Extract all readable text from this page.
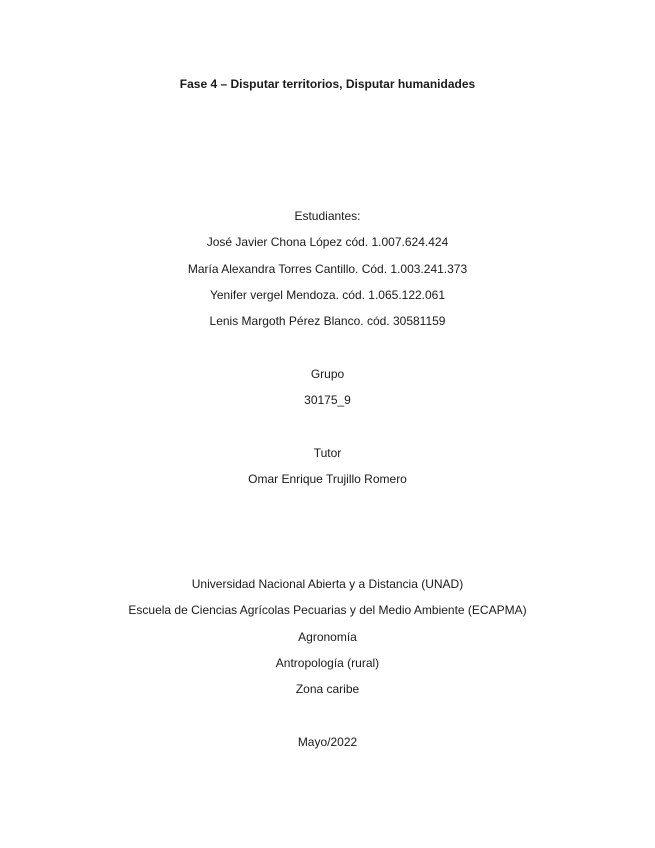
Fase 4 – Disputar territorios, Disputar humanidades
Estudiantes:
José Javier Chona López cód. 1.007.624.424
María Alexandra Torres Cantillo. Cód. 1.003.241.373
Yenifer vergel Mendoza. cód. 1.065.122.061
Lenis Margoth Pérez Blanco. cód. 30581159
Grupo
30175_9
Tutor
Omar Enrique Trujillo Romero
Universidad Nacional Abierta y a Distancia (UNAD)
Escuela de Ciencias Agrícolas Pecuarias y del Medio Ambiente (ECAPMA)
Agronomía
Antropología (rural)
Zona caribe
Mayo/2022
